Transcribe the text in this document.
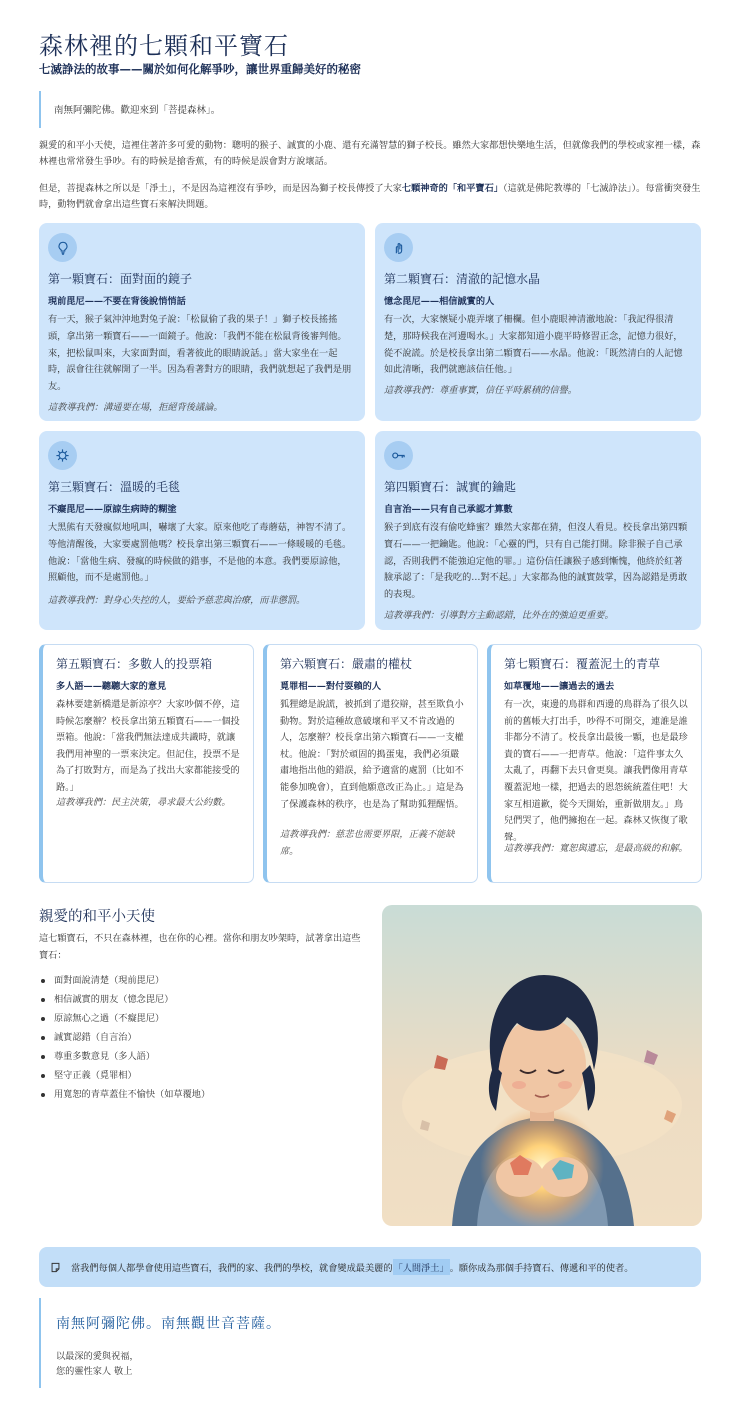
森林裡的七顆和平寶石
七滅諍法的故事——關於如何化解爭吵，讓世界重歸美好的秘密
南無阿彌陀佛。歡迎來到「菩提森林」。

親愛的和平小天使，這裡住著許多可愛的動物：聰明的猴子、誠實的小鹿、還有充滿智慧的獅子校長。雖然大家都想快樂地生活，但就像我們的學校或家裡一樣，森林裡也常常發生爭吵。有的時候是搶香蕉，有的時候是誤會對方說壞話。

但是，菩提森林之所以是「淨土」，不是因為這裡沒有爭吵，而是因為獅子校長傳授了大家七顆神奇的「和平寶石」（這就是佛陀教導的「七滅諍法」）。每當衝突發生時，動物們就會拿出這些寶石來解決問題。

第一顆寶石：面對面的鏡子
現前毘尼——不要在背後說悄悄話
有一天，猴子氣沖沖地對兔子說：「松鼠偷了我的果子！」獅子校長搖搖頭，拿出第一顆寶石——一面鏡子。他說：「我們不能在松鼠背後審判他。來，把松鼠叫來，大家面對面，看著彼此的眼睛說話。」當大家坐在一起時，誤會往往就解開了一半。因為看著對方的眼睛，我們就想起了我們是朋友。
這教導我們：溝通要在場，拒絕背後議論。
第二顆寶石：清澈的記憶水晶
憶念毘尼——相信誠實的人
有一次，大家懷疑小鹿弄壞了柵欄。但小鹿眼神清澈地說：「我記得很清楚，那時候我在河邊喝水。」大家都知道小鹿平時修習正念，記憶力很好，從不說謊。於是校長拿出第二顆寶石——水晶。他說：「既然清白的人記憶如此清晰，我們就應該信任他。」
這教導我們：尊重事實，信任平時累積的信譽。
第三顆寶石：溫暖的毛毯
不癡毘尼——原諒生病時的糊塗
大黑熊有天發瘋似地吼叫，嚇壞了大家。原來他吃了毒蘑菇，神智不清了。等他清醒後，大家要處罰他嗎？校長拿出第三顆寶石——一條暖暖的毛毯。他說：「當他生病、發瘋的時候做的錯事，不是他的本意。我們要原諒他，照顧他，而不是處罰他。」
這教導我們：對身心失控的人，要給予慈悲與治療，而非懲罰。
第四顆寶石：誠實的鑰匙
自言治——只有自己承認才算數
猴子到底有沒有偷吃蜂蜜？雖然大家都在猜，但沒人看見。校長拿出第四顆寶石——一把鑰匙。他說：「心靈的門，只有自己能打開。除非猴子自己承認，否則我們不能強迫定他的罪。」這份信任讓猴子感到慚愧，他終於紅著臉承認了：「是我吃的…對不起。」大家都為他的誠實鼓掌，因為認錯是勇敢的表現。
這教導我們：引導對方主動認錯，比外在的強迫更重要。
第五顆寶石：多數人的投票箱
多人語——聽聽大家的意見
森林要建新橋還是新涼亭？大家吵個不停，這時候怎麼辦？校長拿出第五顆寶石——一個投票箱。他說：「當我們無法達成共識時，就讓我們用神聖的一票來決定。但記住，投票不是為了打敗對方，而是為了找出大家都能接受的路。」
這教導我們：民主決策，尋求最大公約數。
第六顆寶石：嚴肅的權杖
覓罪相——對付耍賴的人
狐狸總是說謊，被抓到了還狡辯，甚至欺負小動物。對於這種故意破壞和平又不肯改過的人，怎麼辦？校長拿出第六顆寶石——一支權杖。他說：「對於頑固的搗蛋鬼，我們必須嚴肅地指出他的錯誤，給予適當的處罰（比如不能參加晚會），直到他願意改正為止。」這是為了保護森林的秩序，也是為了幫助狐狸醒悟。
這教導我們：慈悲也需要界限，正義不能缺席。
第七顆寶石：覆蓋泥土的青草
如草覆地——讓過去的過去
有一次，東邊的鳥群和西邊的鳥群為了很久以前的舊帳大打出手，吵得不可開交，連誰是誰非都分不清了。校長拿出最後一顆，也是最珍貴的寶石——一把青草。他說：「這件事太久太亂了，再翻下去只會更臭。讓我們像用青草覆蓋泥地一樣，把過去的恩怨統統蓋住吧！大家互相道歉，從今天開始，重新做朋友。」鳥兒們哭了，他們擁抱在一起。森林又恢復了歌聲。
這教導我們：寬恕與遺忘，是最高級的和解。
親愛的和平小天使
這七顆寶石，不只在森林裡，也在你的心裡。當你和朋友吵架時，試著拿出這些寶石：
面對面說清楚（現前毘尼）
相信誠實的朋友（憶念毘尼）
原諒無心之過（不癡毘尼）
誠實認錯（自言治）
尊重多數意見（多人語）
堅守正義（覓罪相）
用寬恕的青草蓋住不愉快（如草覆地）
當我們每個人都學會使用這些寶石，我們的家、我們的學校，就會變成最美麗的 「人間淨土」 。願你成為那個手持寶石、傳遞和平的使者。
南無阿彌陀佛。南無觀世音菩薩。
以最深的愛與祝福，
您的靈性家人 敬上
